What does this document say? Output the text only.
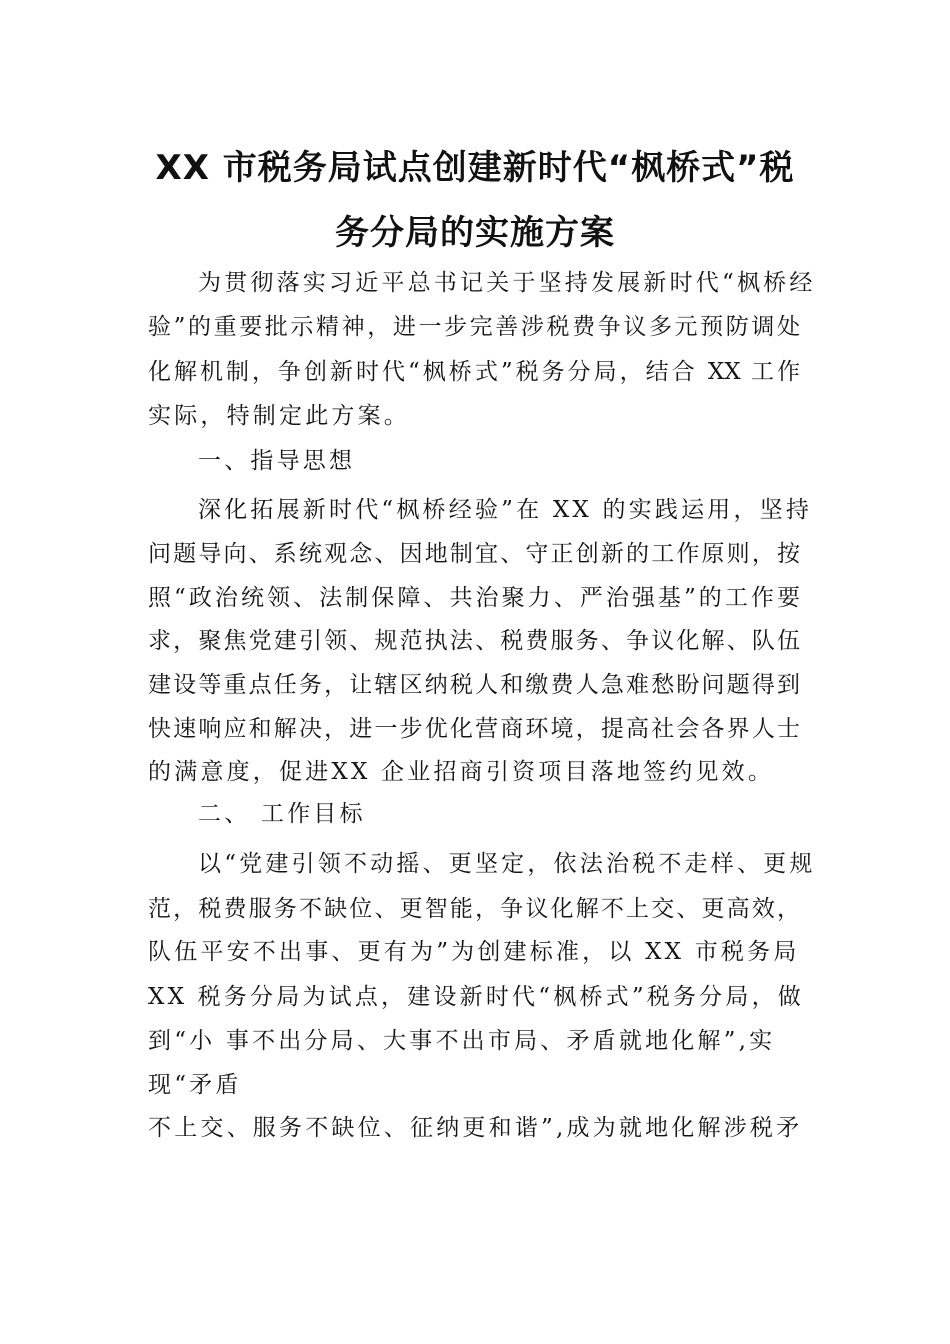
XX 市税务局试点创建新时代“枫桥式”税
务分局的实施方案
为贯彻落实习近平总书记关于坚持发展新时代“枫桥经
验”的重要批示精神，进一步完善涉税费争议多元预防调处
化解机制，争创新时代“枫桥式”税务分局，结合 XX 工作
实际，特制定此方案。
一、指导思想
深化拓展新时代“枫桥经验”在 XX 的实践运用，坚持
问题导向、系统观念、因地制宜、守正创新的工作原则，按
照“政治统领、法制保障、共治聚力、严治强基”的工作要
求，聚焦党建引领、规范执法、税费服务、争议化解、队伍
建设等重点任务，让辖区纳税人和缴费人急难愁盼问题得到
快速响应和解决，进一步优化营商环境，提高社会各界人士
的满意度，促进XX 企业招商引资项目落地签约见效。
二、 工作目标
以“党建引领不动摇、更坚定，依法治税不走样、更规
范，税费服务不缺位、更智能，争议化解不上交、更高效，
队伍平安不出事、更有为”为创建标准，以 XX 市税务局
XX 税务分局为试点，建设新时代“枫桥式”税务分局，做
到“小 事不出分局、大事不出市局、矛盾就地化解”,实
现“矛盾
不上交、服务不缺位、征纳更和谐”,成为就地化解涉税矛
